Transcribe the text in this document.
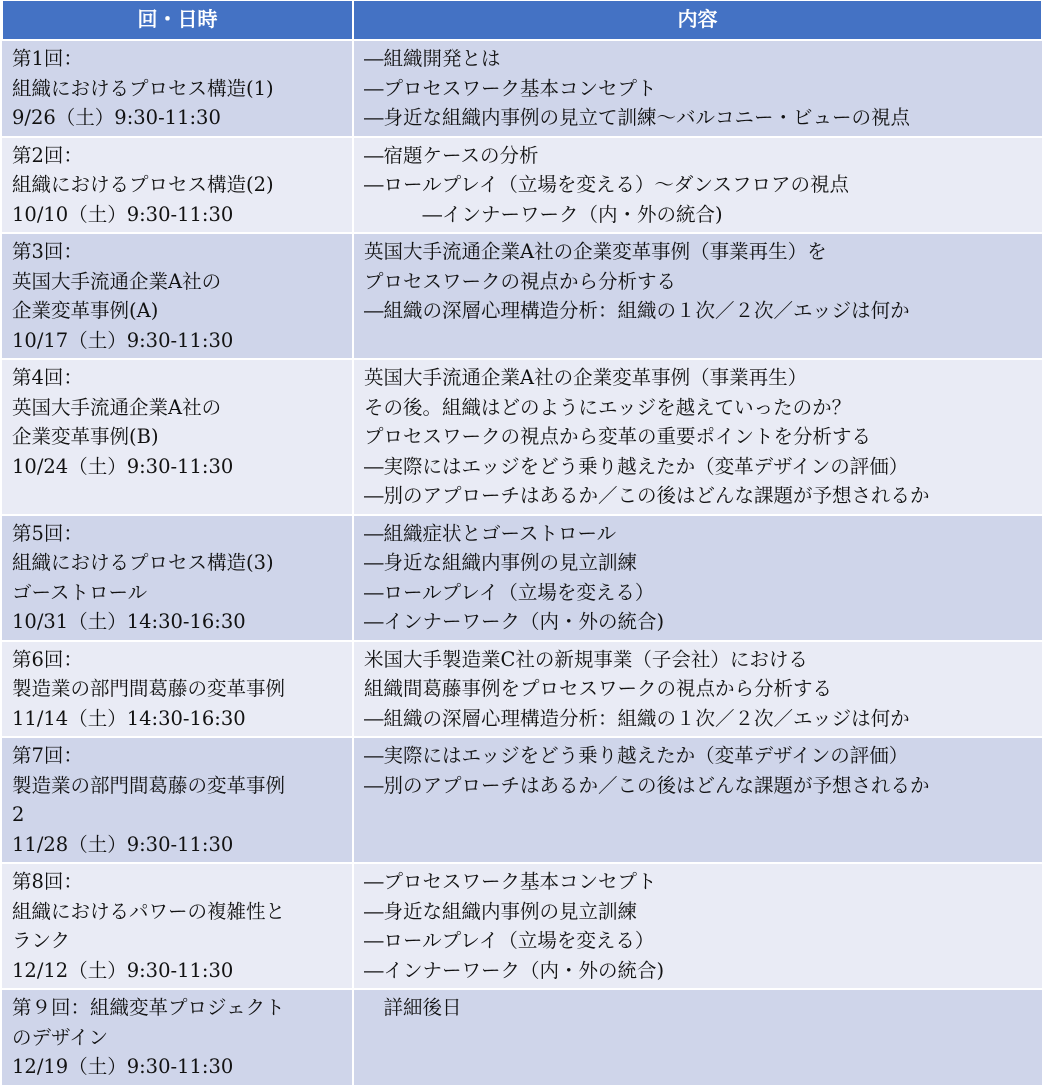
回・日時	内容

第1回：
組織におけるプロセス構造(1)
9/26（土）9:30-11:30	―組織開発とは
―プロセスワーク基本コンセプト
―身近な組織内事例の見立て訓練～バルコニー・ビューの視点

第2回：
組織におけるプロセス構造(2)
10/10（土）9:30-11:30	―宿題ケースの分析
―ロールプレイ（立場を変える）～ダンスフロアの視点
　　　―インナーワーク（内・外の統合)

第3回：
英国大手流通企業A社の
企業変革事例(A)
10/17（土）9:30-11:30	英国大手流通企業A社の企業変革事例（事業再生）を
プロセスワークの視点から分析する
―組織の深層心理構造分析：組織の１次／２次／エッジは何か

第4回：
英国大手流通企業A社の
企業変革事例(B)
10/24（土）9:30-11:30	英国大手流通企業A社の企業変革事例（事業再生）
その後。組織はどのようにエッジを越えていったのか？
プロセスワークの視点から変革の重要ポイントを分析する
―実際にはエッジをどう乗り越えたか（変革デザインの評価）
―別のアプローチはあるか／この後はどんな課題が予想されるか

第5回：
組織におけるプロセス構造(3)
ゴーストロール
10/31（土）14:30-16:30	―組織症状とゴーストロール
―身近な組織内事例の見立訓練
―ロールプレイ（立場を変える）
―インナーワーク（内・外の統合)

第6回：
製造業の部門間葛藤の変革事例
11/14（土）14:30-16:30	米国大手製造業C社の新規事業（子会社）における
組織間葛藤事例をプロセスワークの視点から分析する
―組織の深層心理構造分析：組織の１次／２次／エッジは何か

第7回：
製造業の部門間葛藤の変革事例
2
11/28（土）9:30-11:30	―実際にはエッジをどう乗り越えたか（変革デザインの評価）
―別のアプローチはあるか／この後はどんな課題が予想されるか

第8回：
組織におけるパワーの複雑性と
ランク
12/12（土）9:30-11:30	―プロセスワーク基本コンセプト
―身近な組織内事例の見立訓練
―ロールプレイ（立場を変える）
―インナーワーク（内・外の統合)

第９回：組織変革プロジェクト
のデザイン
12/19（土）9:30-11:30	　詳細後日
